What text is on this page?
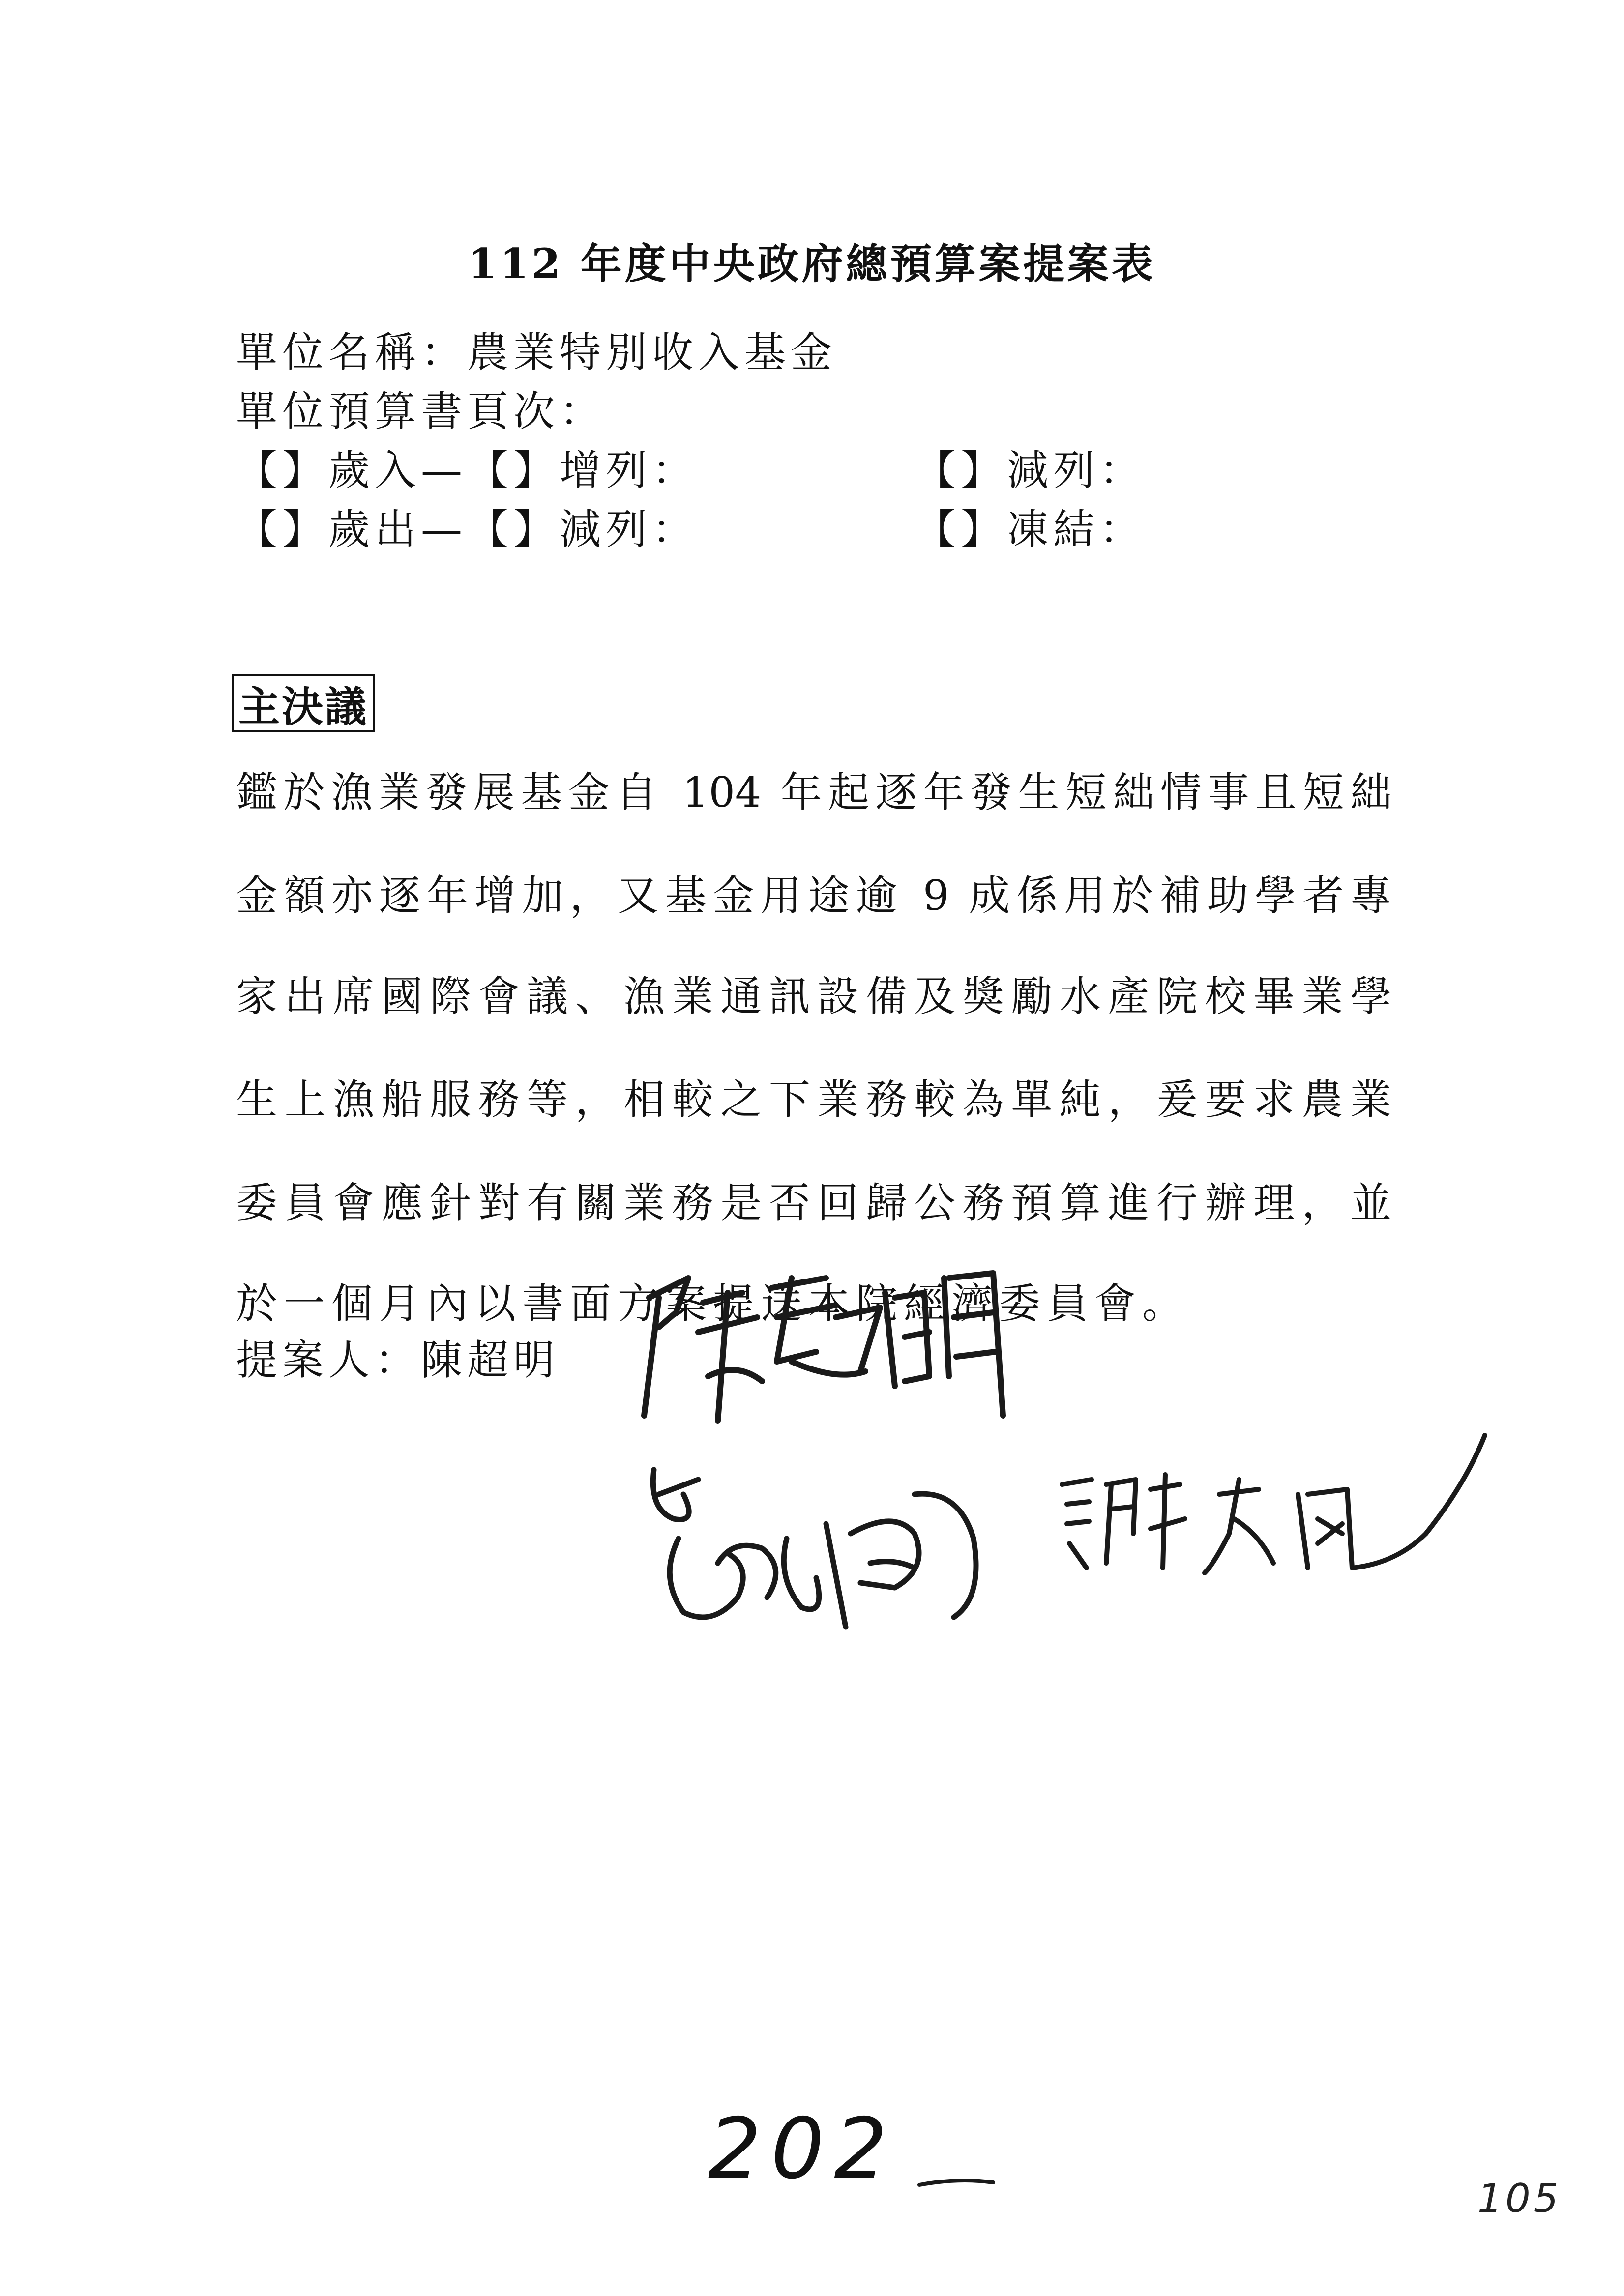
112 年度中央政府總預算案提案表
單位名稱：農業特別收入基金
單位預算書頁次：
【】歲入—【】增列：	【】減列：
【】歲出—【】減列：	【】凍結：
主決議
鑑於漁業發展基金自 104 年起逐年發生短絀情事且短絀
金額亦逐年增加，又基金用途逾 9 成係用於補助學者專
家出席國際會議、漁業通訊設備及獎勵水產院校畢業學
生上漁船服務等，相較之下業務較為單純，爰要求農業
委員會應針對有關業務是否回歸公務預算進行辦理，並
於一個月內以書面方案提送本院經濟委員會。
提案人：陳超明
202
105
